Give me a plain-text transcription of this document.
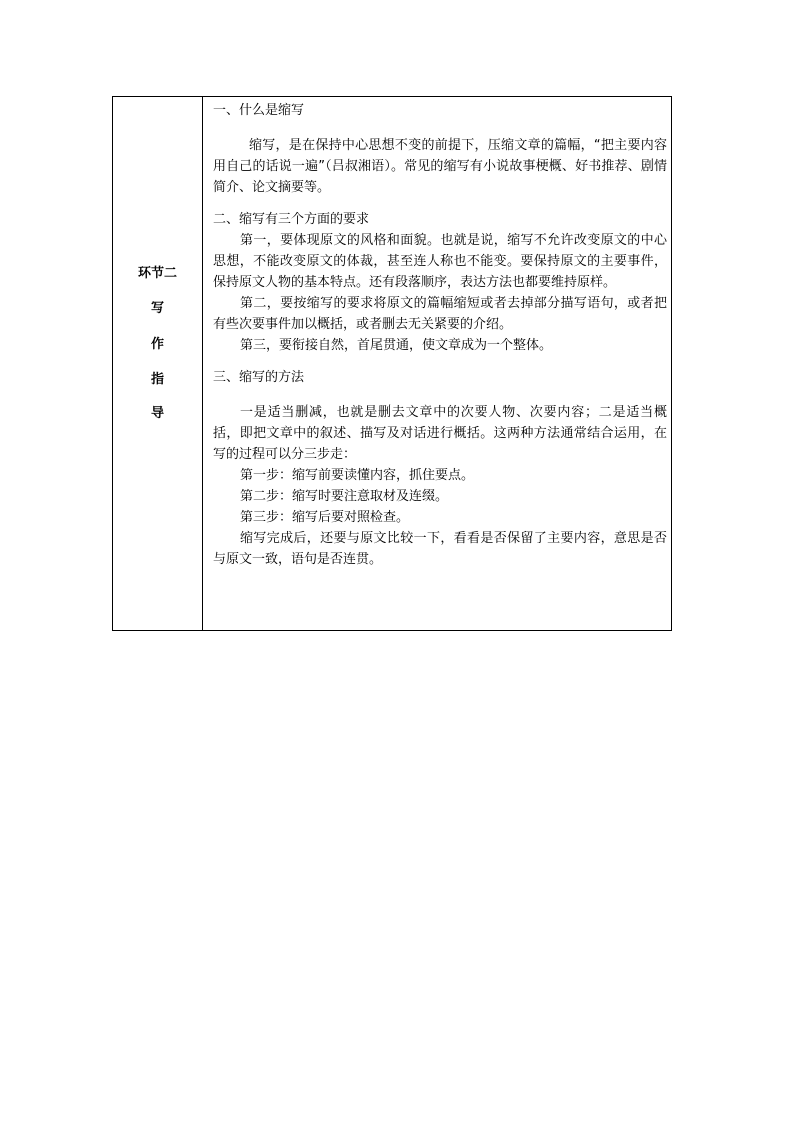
环节二
写
作
指
导

一、什么是缩写

缩写，是在保持中心思想不变的前提下，压缩文章的篇幅，“把主要内容用自己的话说一遍”（吕叔湘语）。常见的缩写有小说故事梗概、好书推荐、剧情简介、论文摘要等。

二、缩写有三个方面的要求

第一，要体现原文的风格和面貌。也就是说，缩写不允许改变原文的中心思想，不能改变原文的体裁，甚至连人称也不能变。要保持原文的主要事件，保持原文人物的基本特点。还有段落顺序，表达方法也都要维持原样。

第二，要按缩写的要求将原文的篇幅缩短或者去掉部分描写语句，或者把有些次要事件加以概括，或者删去无关紧要的介绍。

第三，要衔接自然，首尾贯通，使文章成为一个整体。

三、缩写的方法

一是适当删减，也就是删去文章中的次要人物、次要内容；二是适当概括，即把文章中的叙述、描写及对话进行概括。这两种方法通常结合运用，在写的过程可以分三步走：

第一步：缩写前要读懂内容，抓住要点。

第二步：缩写时要注意取材及连缀。

第三步：缩写后要对照检查。

缩写完成后，还要与原文比较一下，看看是否保留了主要内容，意思是否与原文一致，语句是否连贯。
